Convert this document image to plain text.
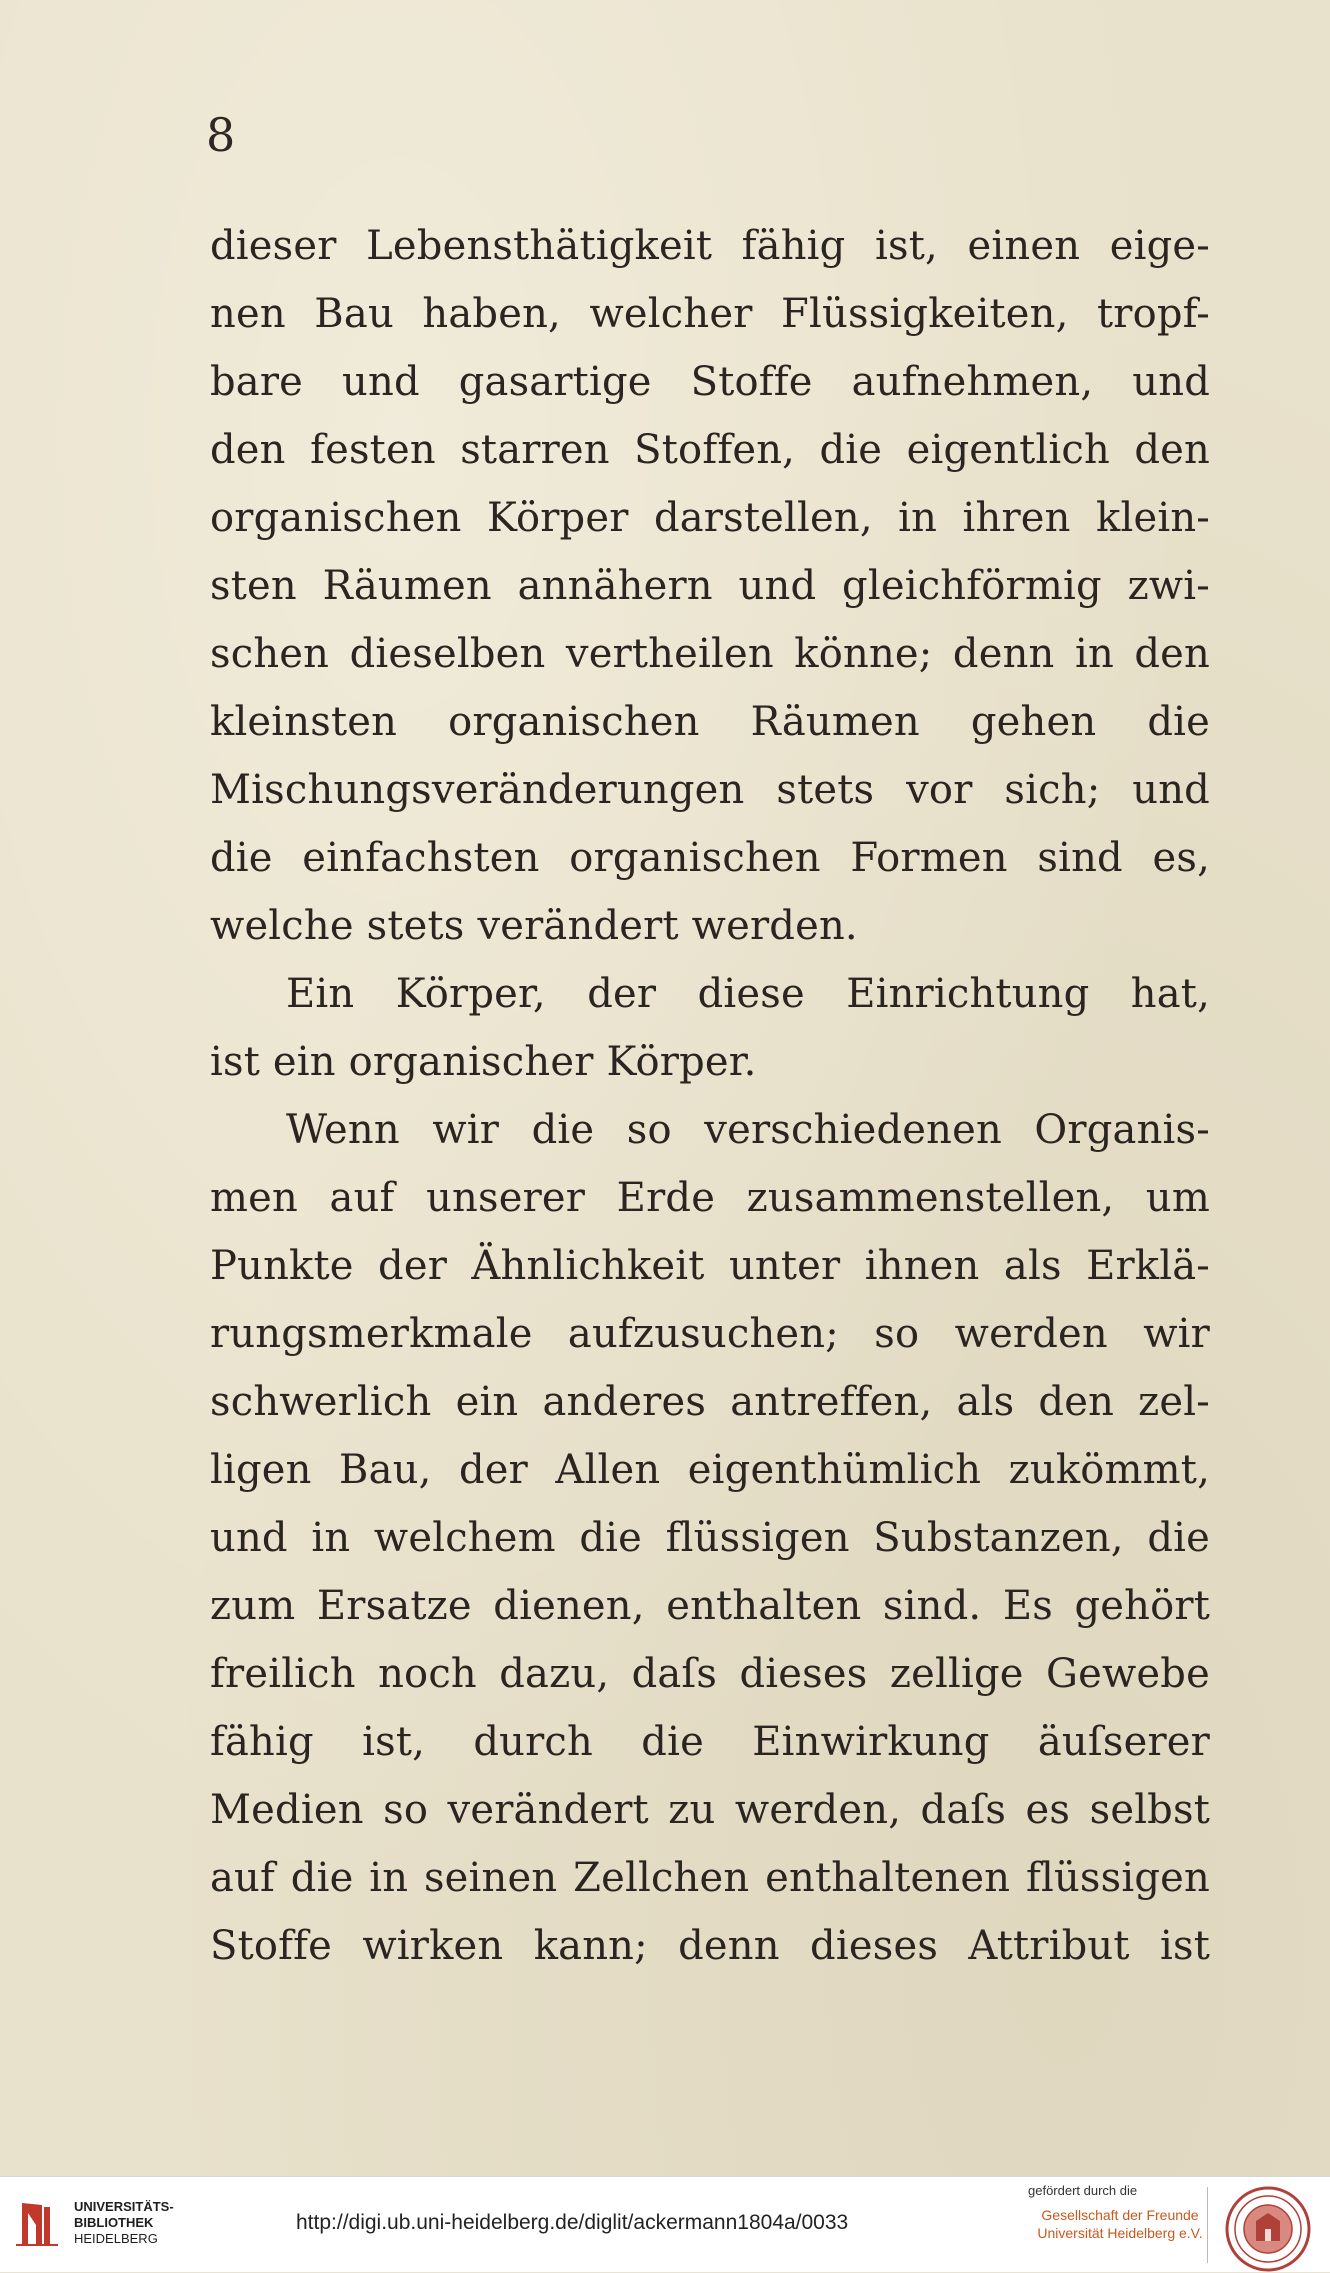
8
dieser Lebensthätigkeit fähig ist, einen eige-
nen Bau haben, welcher Flüssigkeiten, tropf-
bare und gasartige Stoffe aufnehmen, und
den festen starren Stoffen, die eigentlich den
organischen Körper darstellen, in ihren klein-
sten Räumen annähern und gleichförmig zwi-
schen dieselben vertheilen könne; denn in den
kleinsten organischen Räumen gehen die
Mischungsveränderungen stets vor sich; und
die einfachsten organischen Formen sind es,
welche stets verändert werden.
Ein Körper, der diese Einrichtung hat,
ist ein organischer Körper.
Wenn wir die so verschiedenen Organis-
men auf unserer Erde zusammenstellen, um
Punkte der Ähnlichkeit unter ihnen als Erklä-
rungsmerkmale aufzusuchen; so werden wir
schwerlich ein anderes antreffen, als den zel-
ligen Bau, der Allen eigenthümlich zukömmt,
und in welchem die flüssigen Substanzen, die
zum Ersatze dienen, enthalten sind. Es gehört
freilich noch dazu, daſs dieses zellige Gewebe
fähig ist, durch die Einwirkung äuſserer
Medien so verändert zu werden, daſs es selbst
auf die in seinen Zellchen enthaltenen flüssigen
Stoffe wirken kann; denn dieses Attribut ist
UNIVERSITÄTS-
BIBLIOTHEK
HEIDELBERG
http://digi.ub.uni-heidelberg.de/diglit/ackermann1804a/0033
gefördert durch die
Gesellschaft der Freunde
Universität Heidelberg e.V.
